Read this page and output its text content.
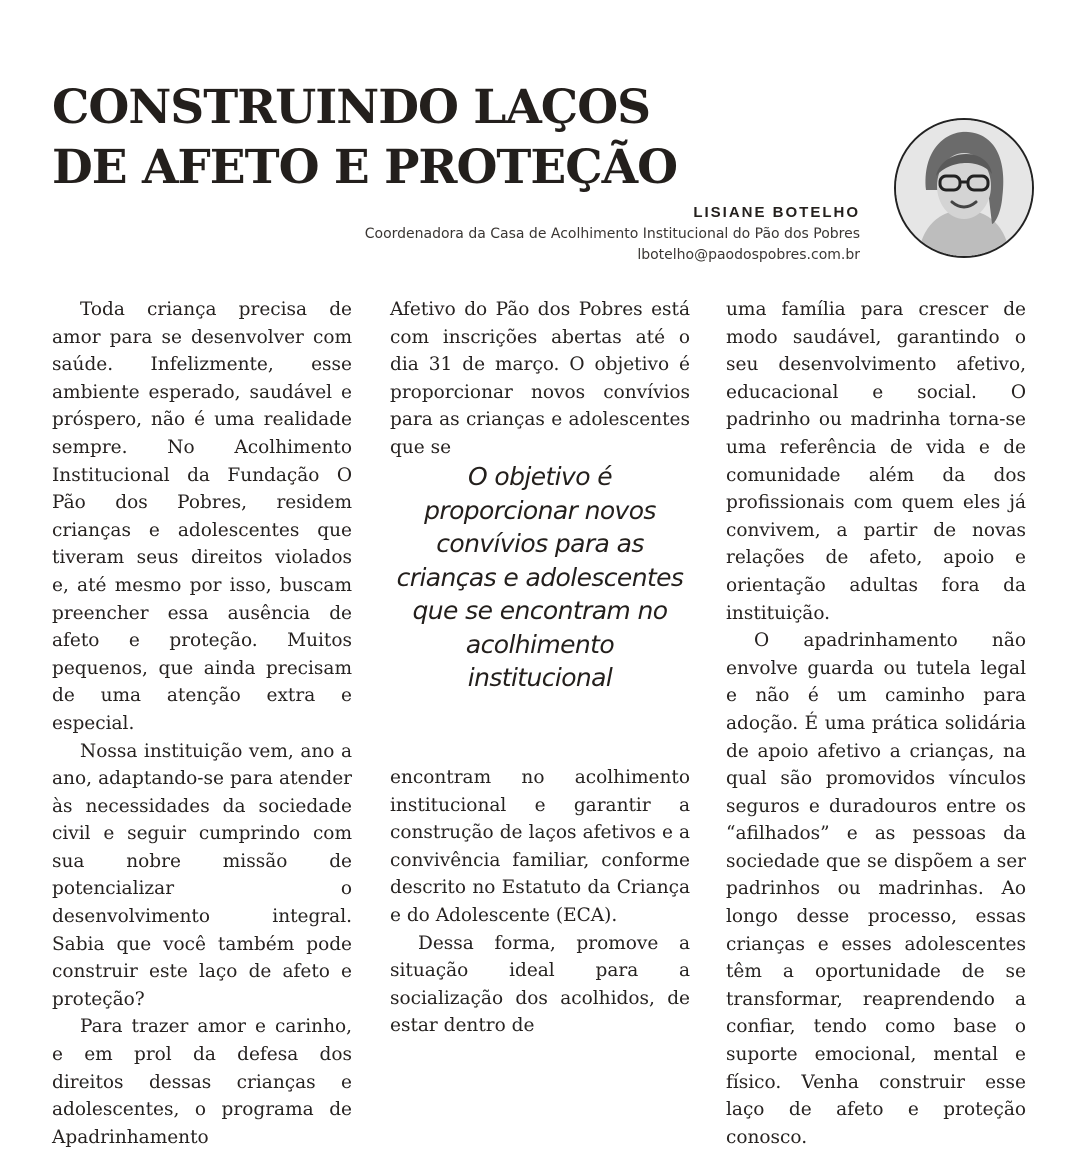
CONSTRUINDO LAÇOS
DE AFETO E PROTEÇÃO
LISIANE BOTELHO
Coordenadora da Casa de Acolhimento Institucional do Pão dos Pobres
lbotelho@paodospobres.com.br

Toda criança precisa de amor para se desenvolver com saúde. Infelizmente, esse ambiente esperado, saudável e próspero, não é uma realidade sempre. No Acolhimento Institucional da Fundação O Pão dos Pobres, residem crianças e adolescentes que tiveram seus direitos violados e, até mesmo por isso, buscam preencher essa ausência de afeto e proteção. Muitos pequenos, que ainda precisam de uma atenção extra e especial.

Nossa instituição vem, ano a ano, adaptando-se para atender às necessidades da sociedade civil e seguir cumprindo com sua nobre missão de potencializar o desenvolvimento integral. Sabia que você também pode construir este laço de afeto e proteção?

Para trazer amor e carinho, e em prol da defesa dos direitos dessas crianças e adolescentes, o programa de Apadrinhamento

Afetivo do Pão dos Pobres está com inscrições abertas até o dia 31 de março. O objetivo é proporcionar novos convívios para as crianças e adolescentes que se

O objetivo é proporcionar novos convívios para as crianças e adolescentes que se encontram no acolhimento institucional

encontram no acolhimento institucional e garantir a construção de laços afetivos e a convivência familiar, conforme descrito no Estatuto da Criança e do Adolescente (ECA).

Dessa forma, promove a situação ideal para a socialização dos acolhidos, de estar dentro de

uma família para crescer de modo saudável, garantindo o seu desenvolvimento afetivo, educacional e social. O padrinho ou madrinha torna-se uma referência de vida e de comunidade além da dos profissionais com quem eles já convivem, a partir de novas relações de afeto, apoio e orientação adultas fora da instituição.

O apadrinhamento não envolve guarda ou tutela legal e não é um caminho para adoção. É uma prática solidária de apoio afetivo a crianças, na qual são promovidos vínculos seguros e duradouros entre os “afilhados” e as pessoas da sociedade que se dispõem a ser padrinhos ou madrinhas. Ao longo desse processo, essas crianças e esses adolescentes têm a oportunidade de se transformar, reaprendendo a confiar, tendo como base o suporte emocional, mental e físico. Venha construir esse laço de afeto e proteção conosco.
